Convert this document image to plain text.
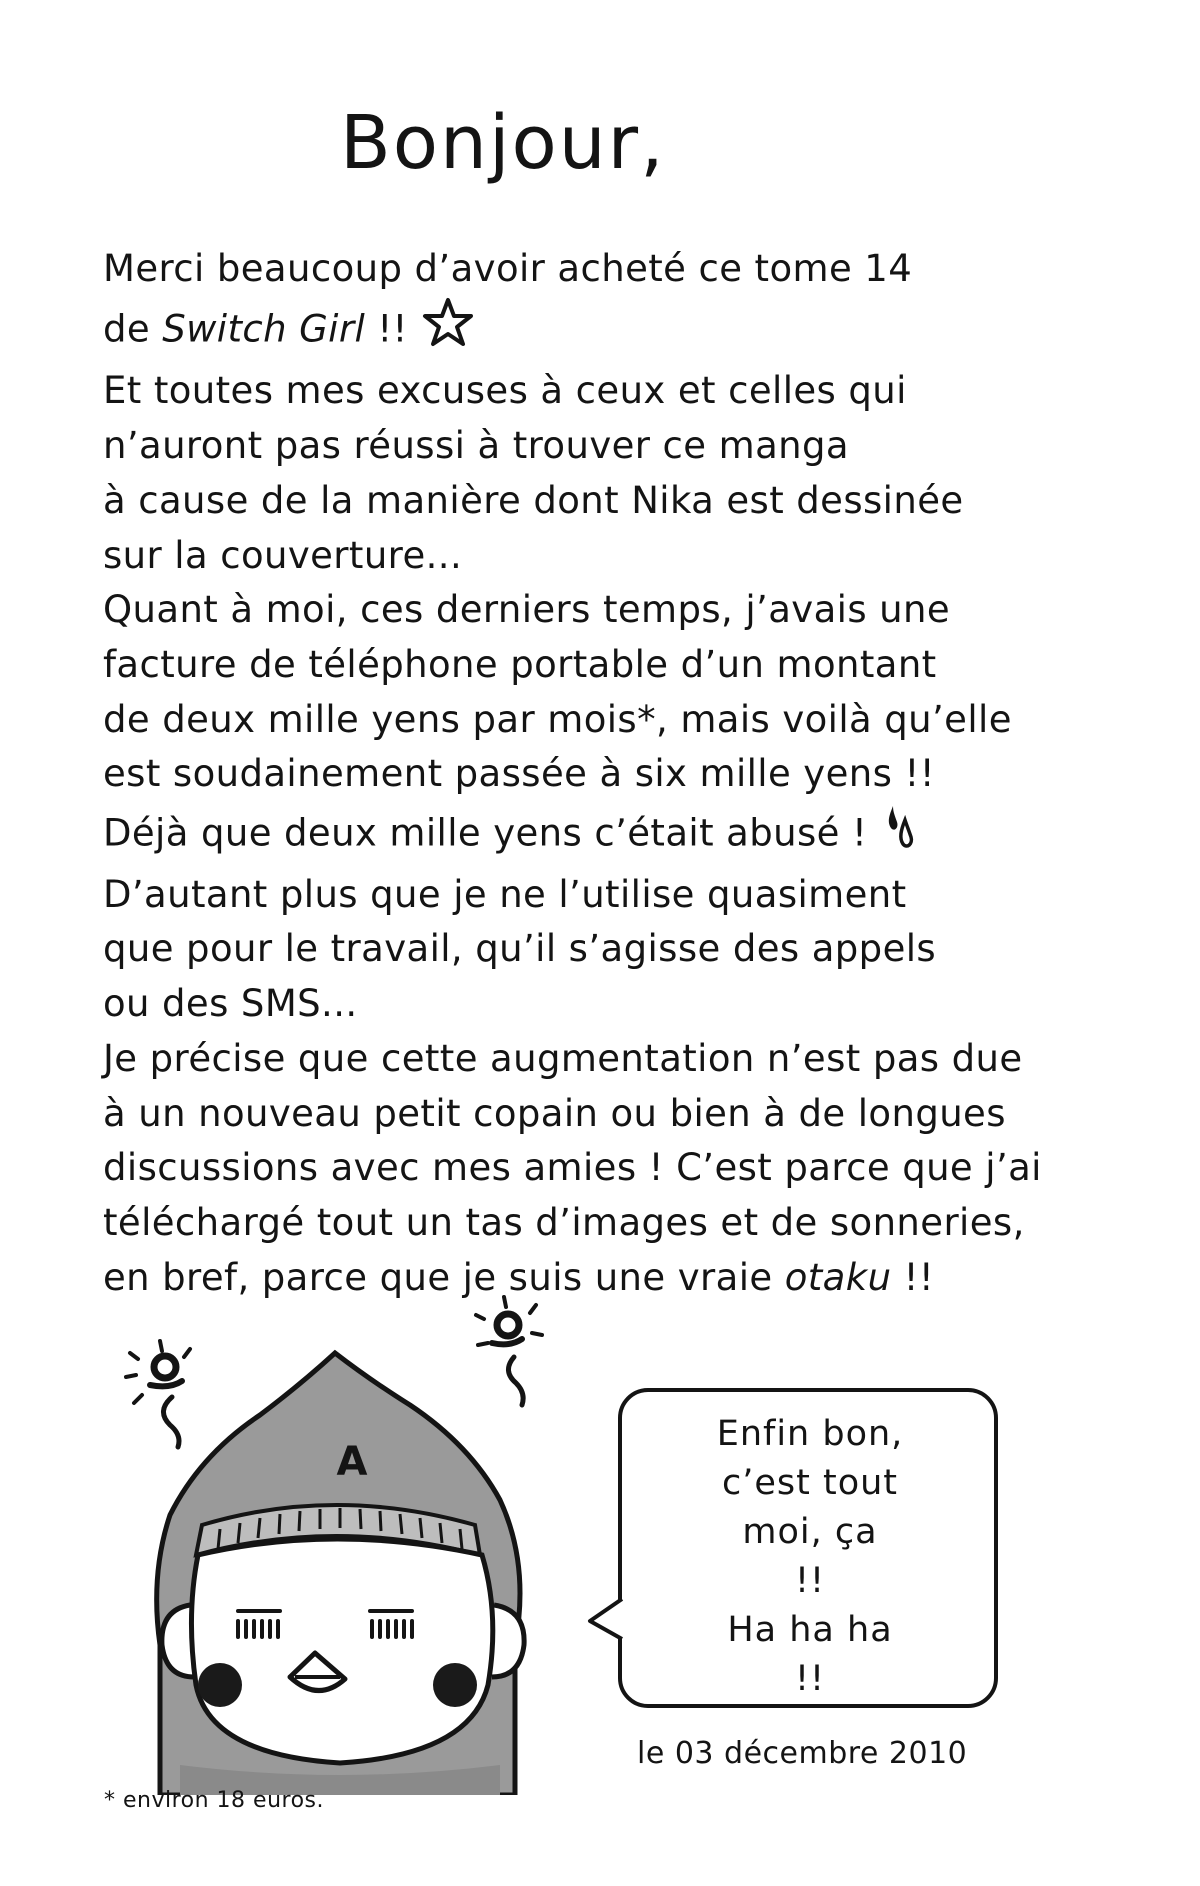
Bonjour,
Merci beaucoup d’avoir acheté ce tome 14
de Switch Girl !!
Et toutes mes excuses à ceux et celles qui
n’auront pas réussi à trouver ce manga
à cause de la manière dont Nika est dessinée
sur la couverture...
Quant à moi, ces derniers temps, j’avais une
facture de téléphone portable d’un montant
de deux mille yens par mois*, mais voilà qu’elle
est soudainement passée à six mille yens !!
Déjà que deux mille yens c’était abusé !
D’autant plus que je ne l’utilise quasiment
que pour le travail, qu’il s’agisse des appels
ou des SMS...
Je précise que cette augmentation n’est pas due
à un nouveau petit copain ou bien à de longues
discussions avec mes amies ! C’est parce que j’ai
téléchargé tout un tas d’images et de sonneries,
en bref, parce que je suis une vraie otaku !!
A
Enfin bon,
c’est tout
moi, ça
!!
Ha ha ha
!!
le 03 décembre 2010
* environ 18 euros.
